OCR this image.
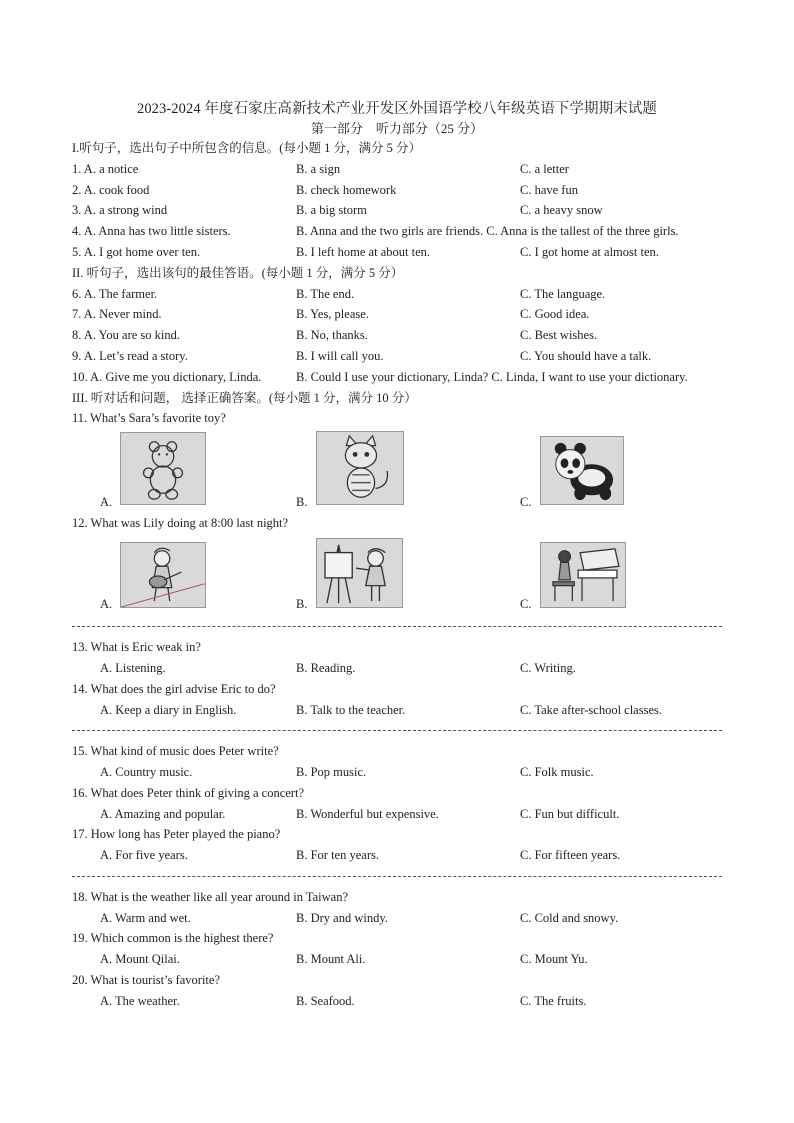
2023-2024 年度石家庄高新技术产业开发区外国语学校八年级英语下学期期末试题
第一部分　听力部分（25 分）
I.听句子，选出句子中所包含的信息。(每小题 1 分，满分 5 分）
1. A. a notice	B. a sign	C. a letter
2. A. cook food	B. check homework	C. have fun
3. A. a strong wind	B. a big storm	C. a heavy snow
4. A. Anna has two little sisters.	B. Anna and the two girls are friends. C. Anna is the tallest of the three girls.
5. A. I got home over ten.	B. I left home at about ten.	C. I got home at almost ten.
II. 听句子，选出该句的最佳答语。(每小题 1 分，满分 5 分）
6. A. The farmer.	B. The end.	C. The language.
7. A. Never mind.	B. Yes, please.	C. Good idea.
8. A. You are so kind.	B. No, thanks.	C. Best wishes.
9. A. Let’s read a story.	B. I will call you.	C. You should have a talk.
10. A. Give me you dictionary, Linda.	B. Could I use your dictionary, Linda? C. Linda, I want to use your dictionary.
III. 听对话和问题， 选择正确答案。(每小题 1 分，满分 10 分）
11. What’s Sara’s favorite toy?
A.	B.	C.
12. What was Lily doing at 8:00 last night?
A.	B.	C.
13. What is Eric weak in?
A. Listening.	B. Reading.	C. Writing.
14. What does the girl advise Eric to do?
A. Keep a diary in English.	B. Talk to the teacher.	C. Take after-school classes.
15. What kind of music does Peter write?
A. Country music.	B. Pop music.	C. Folk music.
16. What does Peter think of giving a concert?
A. Amazing and popular.	B. Wonderful but expensive.	C. Fun but difficult.
17. How long has Peter played the piano?
A. For five years.	B. For ten years.	C. For fifteen years.
18. What is the weather like all year around in Taiwan?
A. Warm and wet.	B. Dry and windy.	C. Cold and snowy.
19. Which common is the highest there?
A. Mount Qilai.	B. Mount Ali.	C. Mount Yu.
20. What is tourist’s favorite?
A. The weather.	B. Seafood.	C. The fruits.
